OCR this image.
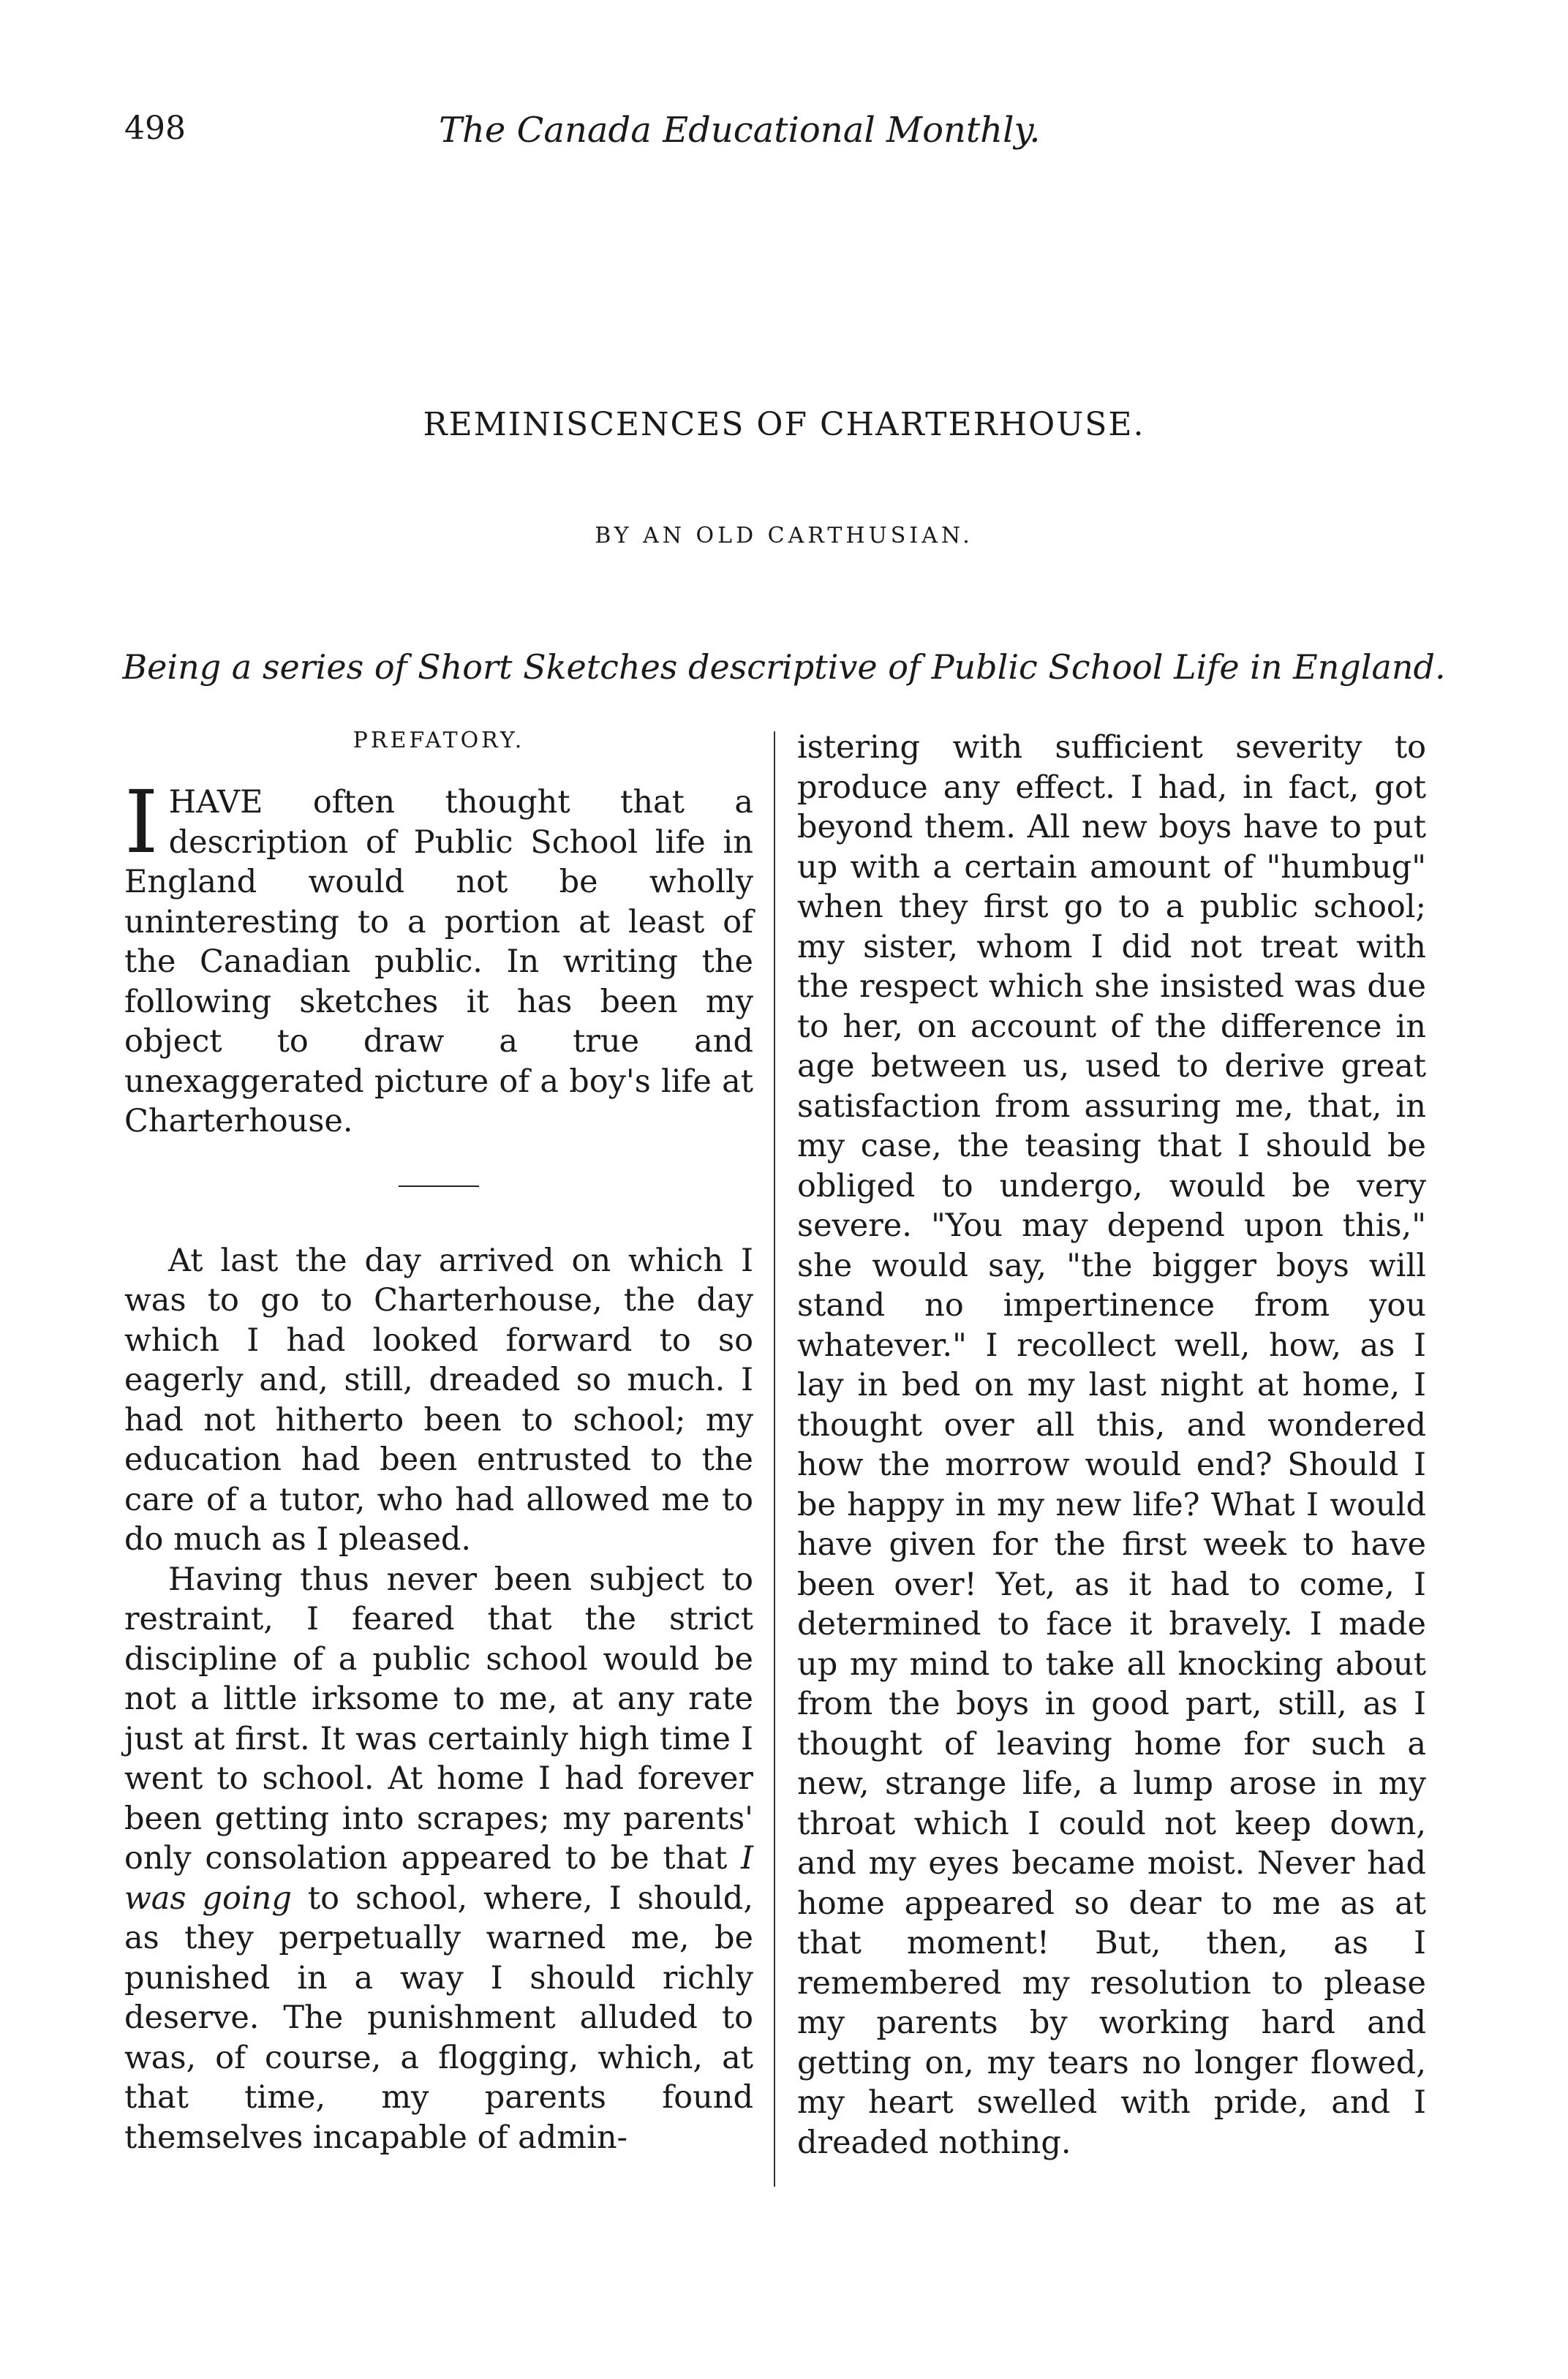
498	The Canada Educational Monthly.
REMINISCENCES OF CHARTERHOUSE.
BY AN OLD CARTHUSIAN.
Being a series of Short Sketches descriptive of Public School Life in England.
PREFATORY.

IHAVE often thought that a description of Public School life in England would not be wholly uninteresting to a portion at least of the Canadian public. In writing the following sketches it has been my object to draw a true and unexaggerated picture of a boy's life at Charterhouse.

At last the day arrived on which I was to go to Charterhouse, the day which I had looked forward to so eagerly and, still, dreaded so much. I had not hitherto been to school; my education had been entrusted to the care of a tutor, who had allowed me to do much as I pleased.

Having thus never been subject to restraint, I feared that the strict discipline of a public school would be not a little irksome to me, at any rate just at first. It was certainly high time I went to school. At home I had forever been getting into scrapes; my parents' only consolation appeared to be that I was going to school, where, I should, as they perpetually warned me, be punished in a way I should richly deserve. The punishment alluded to was, of course, a flogging, which, at that time, my parents found themselves incapable of admin-

istering with sufficient severity to produce any effect. I had, in fact, got beyond them. All new boys have to put up with a certain amount of "humbug" when they first go to a public school; my sister, whom I did not treat with the respect which she insisted was due to her, on account of the difference in age between us, used to derive great satisfaction from assuring me, that, in my case, the teasing that I should be obliged to undergo, would be very severe. "You may depend upon this," she would say, "the bigger boys will stand no impertinence from you whatever." I recollect well, how, as I lay in bed on my last night at home, I thought over all this, and wondered how the morrow would end? Should I be happy in my new life? What I would have given for the first week to have been over! Yet, as it had to come, I determined to face it bravely. I made up my mind to take all knocking about from the boys in good part, still, as I thought of leaving home for such a new, strange life, a lump arose in my throat which I could not keep down, and my eyes became moist. Never had home appeared so dear to me as at that moment! But, then, as I remembered my resolution to please my parents by working hard and getting on, my tears no longer flowed, my heart swelled with pride, and I dreaded nothing.
